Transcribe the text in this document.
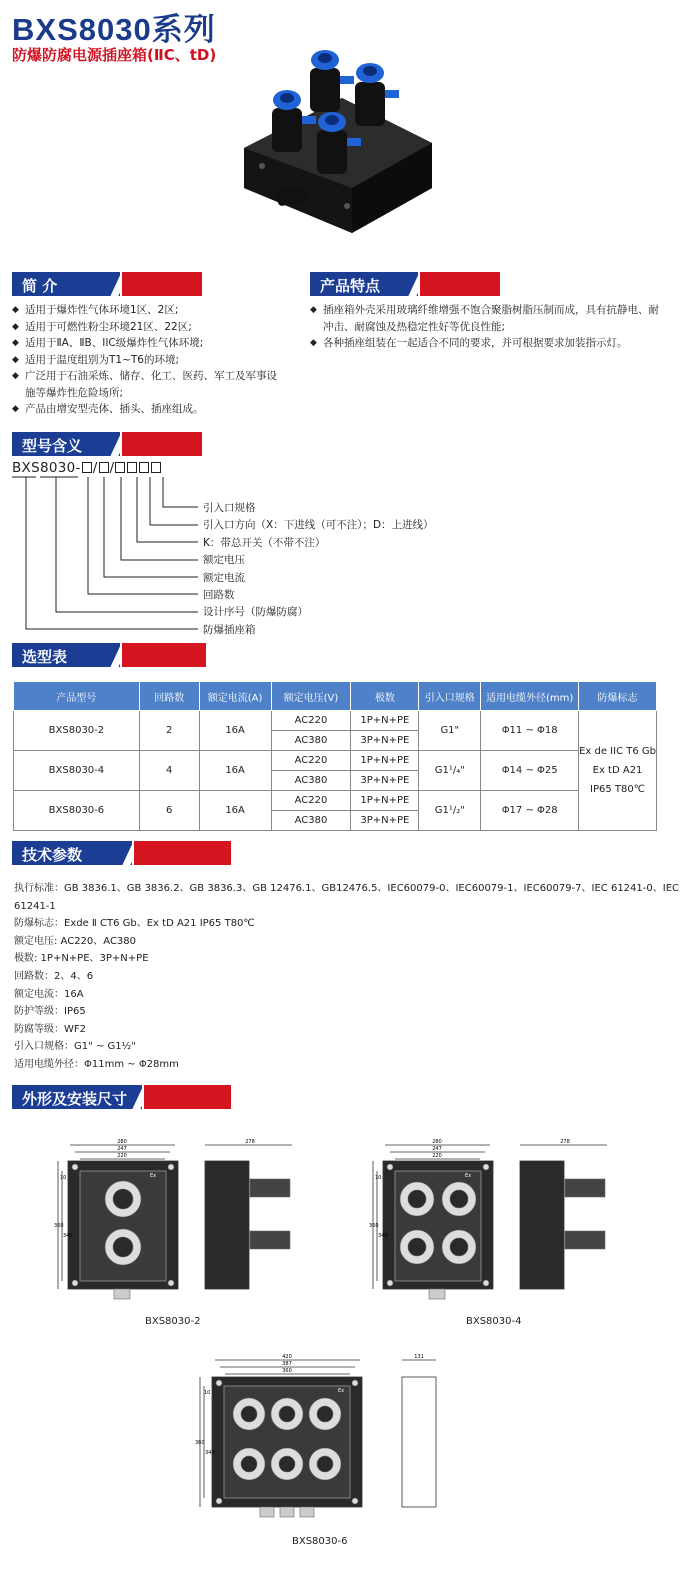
BXS8030系列
防爆防腐电源插座箱(ⅡC、tD)
简 介
◆ 适用于爆炸性气体环境1区、2区;
◆ 适用于可燃性粉尘环境21区、22区;
◆ 适用于ⅡA、ⅡB、IIC级爆炸性气体环境;
◆ 适用于温度组别为T1~T6的环境;
◆ 广泛用于石油采炼、储存、化工、医药、军工及军事设施等爆炸性危险场所;
◆ 产品由增安型壳体、插头、插座组成。
产品特点
◆ 插座箱外壳采用玻璃纤维增强不饱合聚脂树脂压制而成，具有抗静电、耐冲击、耐腐蚀及热稳定性好等优良性能;
◆ 各种插座组装在一起适合不同的要求，并可根据要求加装指示灯。
型号含义
BXS8030- / /
引入口规格
引入口方向（X：下进线（可不注）；D：上进线）
K：带总开关（不带不注）
额定电压
额定电流
回路数
设计序号（防爆防腐）
防爆插座箱
选型表
产品型号	回路数	额定电流(A)	额定电压(V)	极数	引入口规格	适用电缆外径(mm)	防爆标志
BXS8030-2	2	16A	AC220	1P+N+PE	G1"	Φ11 ~ Φ18	Ex de IIC T6 Gb
Ex tD A21
IP65 T80℃

			AC380	3P+N+PE			
BXS8030-4	4	16A	AC220	1P+N+PE	G1¹/₄"	Φ14 ~ Φ25	
			AC380	3P+N+PE			
BXS8030-6	6	16A	AC220	1P+N+PE	G1¹/₂"	Φ17 ~ Φ28	
			AC380	3P+N+PE			
技术参数
执行标准：GB 3836.1、GB 3836.2、GB 3836.3、GB 12476.1、GB12476.5、IEC60079-0、IEC60079-1、IEC60079-7、IEC 61241-0、IEC 61241-1
防爆标志：Exde Ⅱ CT6 Gb、Ex tD A21 IP65 T80℃
额定电压: AC220、AC380
极数: 1P+N+PE、3P+N+PE
回路数：2、4、6
额定电流：16A
防护等级：IP65
防腐等级：WF2
引入口规格：G1" ~ G1½"
适用电缆外径：Φ11mm ~ Φ28mm
外形及安装尺寸
280
247
220
278
360
340
10	Ex
BXS8030-2
280
247
220
278
360
340
10	Ex
BXS8030-4
420
387
360
131
360
340
10	Ex
BXS8030-6
